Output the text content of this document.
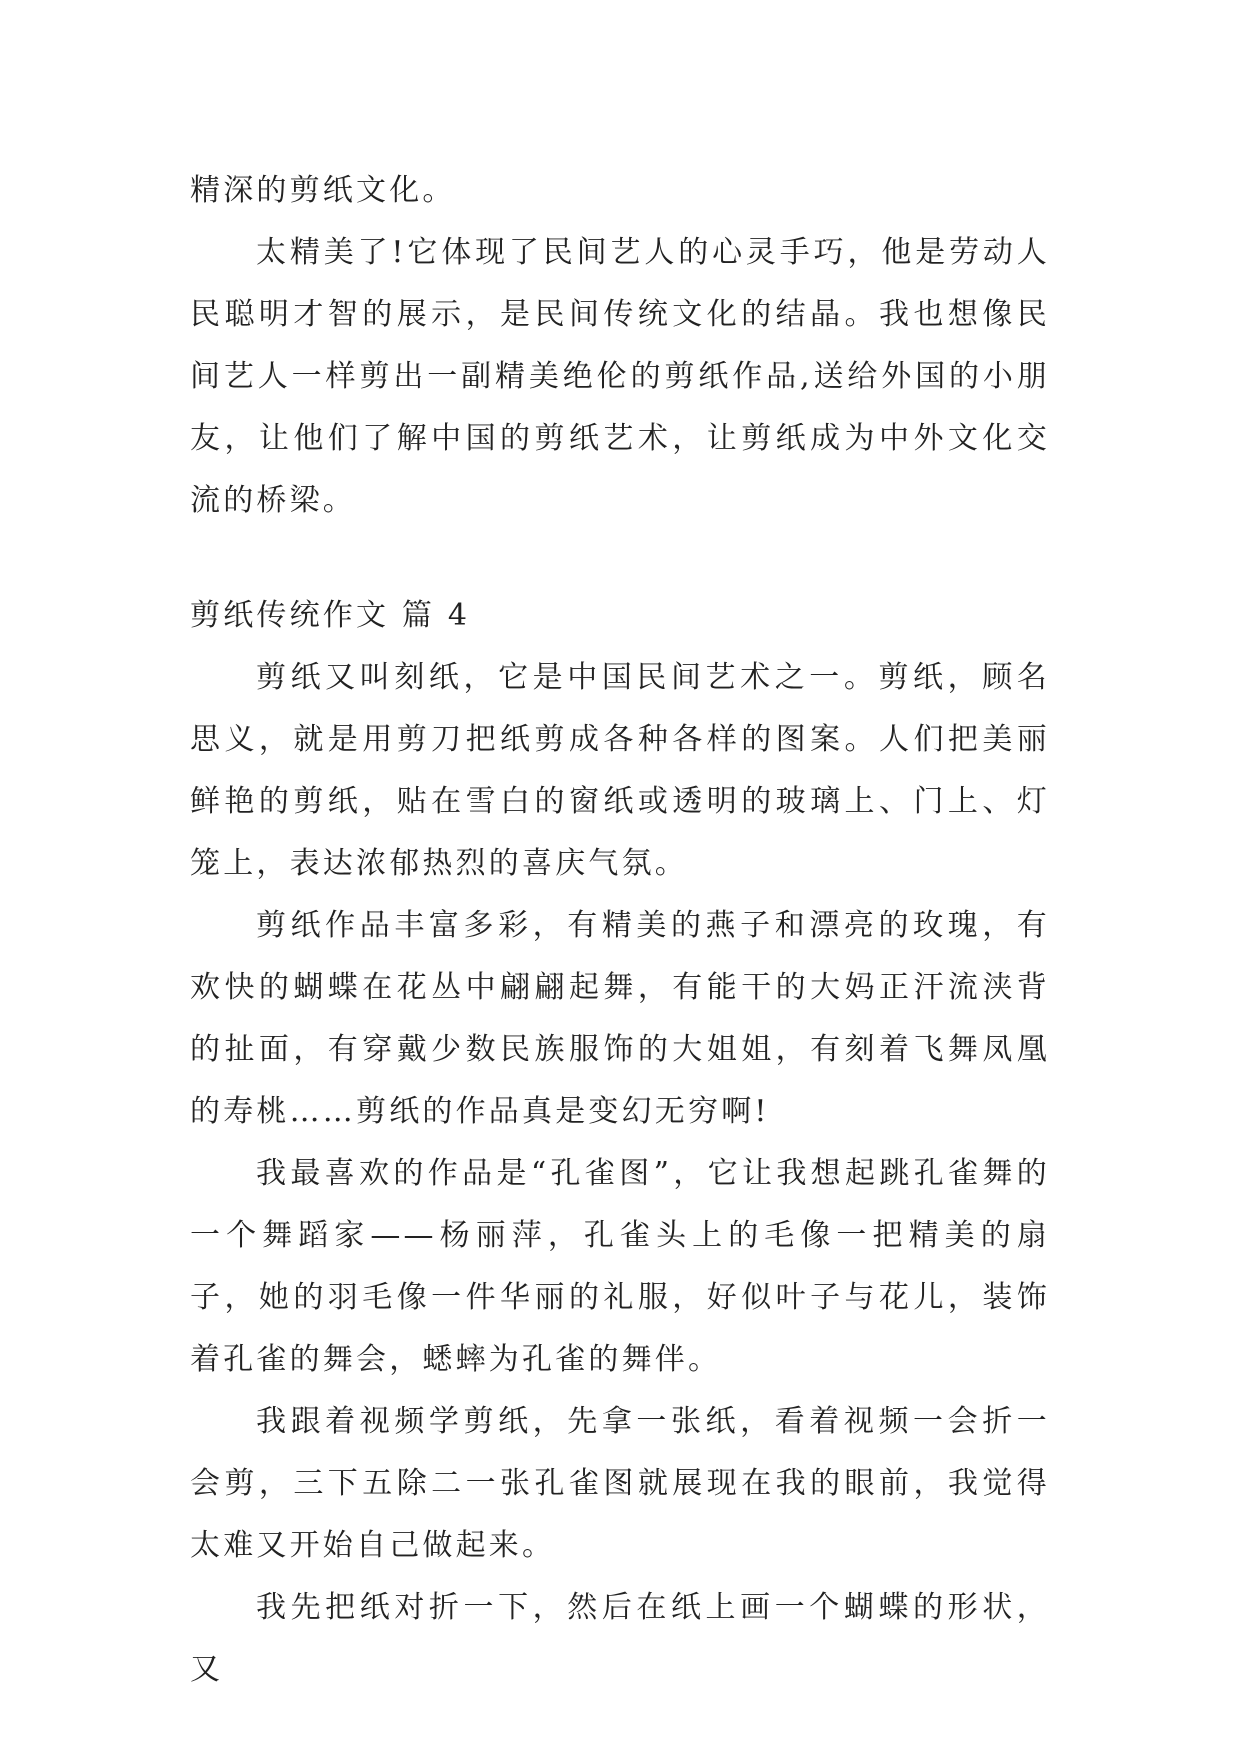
精深的剪纸文化。

太精美了!它体现了民间艺人的心灵手巧，他是劳动人民聪明才智的展示，是民间传统文化的结晶。我也想像民间艺人一样剪出一副精美绝伦的剪纸作品,送给外国的小朋友，让他们了解中国的剪纸艺术，让剪纸成为中外文化交流的桥梁。

剪纸传统作文 篇 4

剪纸又叫刻纸，它是中国民间艺术之一。剪纸，顾名思义，就是用剪刀把纸剪成各种各样的图案。人们把美丽鲜艳的剪纸，贴在雪白的窗纸或透明的玻璃上、门上、灯笼上，表达浓郁热烈的喜庆气氛。

剪纸作品丰富多彩，有精美的燕子和漂亮的玫瑰，有欢快的蝴蝶在花丛中翩翩起舞，有能干的大妈正汗流浃背的扯面，有穿戴少数民族服饰的大姐姐，有刻着飞舞凤凰的寿桃……剪纸的作品真是变幻无穷啊!

我最喜欢的作品是“孔雀图”，它让我想起跳孔雀舞的一个舞蹈家——杨丽萍，孔雀头上的毛像一把精美的扇子，她的羽毛像一件华丽的礼服，好似叶子与花儿，装饰着孔雀的舞会，蟋蟀为孔雀的舞伴。

我跟着视频学剪纸，先拿一张纸，看着视频一会折一会剪，三下五除二一张孔雀图就展现在我的眼前，我觉得太难又开始自己做起来。

我先把纸对折一下，然后在纸上画一个蝴蝶的形状，又
